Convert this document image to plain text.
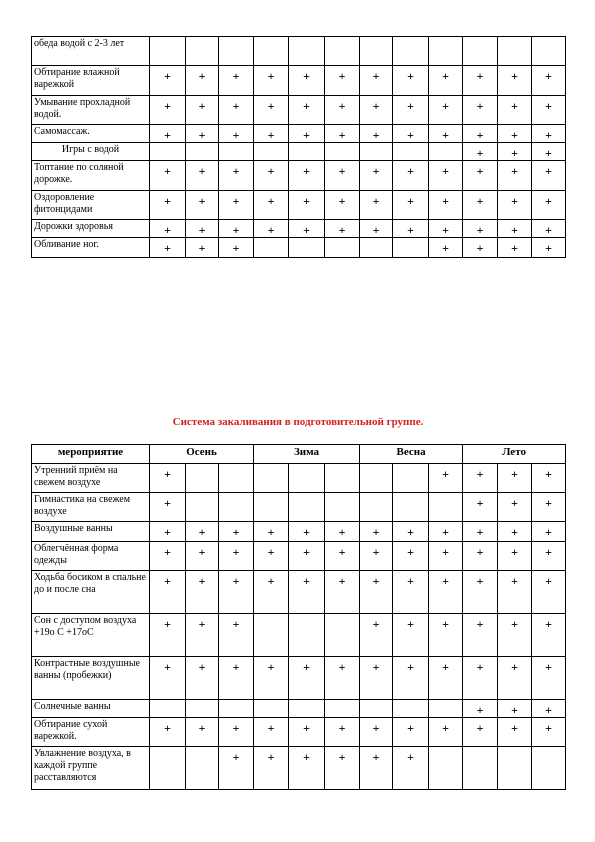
обеда водой с 2-3 лет												
Обтирание влажной варежкой	+	+	+	+	+	+	+	+	+	+	+	+
Умывание прохладной водой.	+	+	+	+	+	+	+	+	+	+	+	+
Самомассаж.	+	+	+	+	+	+	+	+	+	+	+	+
Игры с водой										+	+	+
Топтание по соляной дорожке.	+	+	+	+	+	+	+	+	+	+	+	+
Оздоровление фитонцидами	+	+	+	+	+	+	+	+	+	+	+	+
Дорожки здоровья	+	+	+	+	+	+	+	+	+	+	+	+
Обливание ног.	+	+	+						+	+	+	+
Система закаливания в подготовительной группе.
мероприятие	Осень			Зима			Весна			Лето		
Утренний приём на свежем воздухе	+								+	+	+	+
Гимнастика на свежем воздухе	+									+	+	+
Воздушные ванны	+	+	+	+	+	+	+	+	+	+	+	+
Облегчённая форма одежды	+	+	+	+	+	+	+	+	+	+	+	+
Ходьба босиком в спальне до и после сна	+	+	+	+	+	+	+	+	+	+	+	+
Сон с доступом воздуха +19о С +17оС	+	+	+				+	+	+	+	+	+
Контрастные воздушные ванны (пробежки)	+	+	+	+	+	+	+	+	+	+	+	+
Солнечные ванны										+	+	+
Обтирание сухой варежкой.	+	+	+	+	+	+	+	+	+	+	+	+
Увлажнение воздуха, в каждой группе расставляются			+	+	+	+	+	+				
